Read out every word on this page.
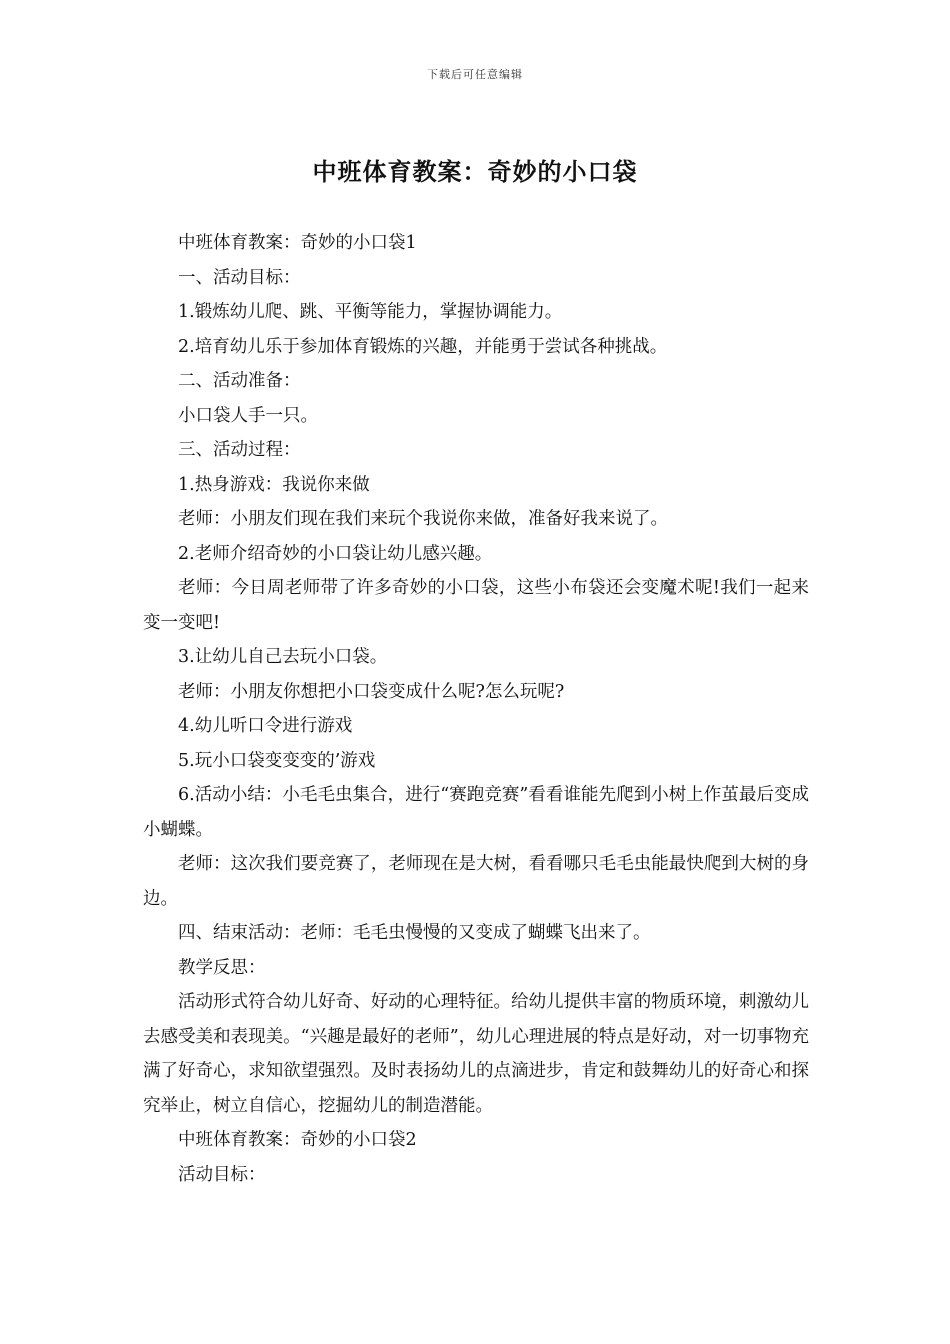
下载后可任意编辑
中班体育教案：奇妙的小口袋

中班体育教案：奇妙的小口袋1

一、活动目标：

1.锻炼幼儿爬、跳、平衡等能力，掌握协调能力。

2.培育幼儿乐于参加体育锻炼的兴趣，并能勇于尝试各种挑战。

二、活动准备：

小口袋人手一只。

三、活动过程：

1.热身游戏：我说你来做

老师：小朋友们现在我们来玩个我说你来做，准备好我来说了。

2.老师介绍奇妙的小口袋让幼儿感兴趣。

老师：今日周老师带了许多奇妙的小口袋，这些小布袋还会变魔术呢!我们一起来变一变吧!

3.让幼儿自己去玩小口袋。

老师：小朋友你想把小口袋变成什么呢?怎么玩呢?

4.幼儿听口令进行游戏

5.玩小口袋变变变的’游戏

6.活动小结：小毛毛虫集合，进行“赛跑竞赛”看看谁能先爬到小树上作茧最后变成小蝴蝶。

老师：这次我们要竞赛了，老师现在是大树，看看哪只毛毛虫能最快爬到大树的身边。

四、结束活动：老师：毛毛虫慢慢的又变成了蝴蝶飞出来了。

教学反思：

活动形式符合幼儿好奇、好动的心理特征。给幼儿提供丰富的物质环境，刺激幼儿去感受美和表现美。“兴趣是最好的老师”，幼儿心理进展的特点是好动，对一切事物充满了好奇心，求知欲望强烈。及时表扬幼儿的点滴进步，肯定和鼓舞幼儿的好奇心和探究举止，树立自信心，挖掘幼儿的制造潜能。

中班体育教案：奇妙的小口袋2

活动目标：
